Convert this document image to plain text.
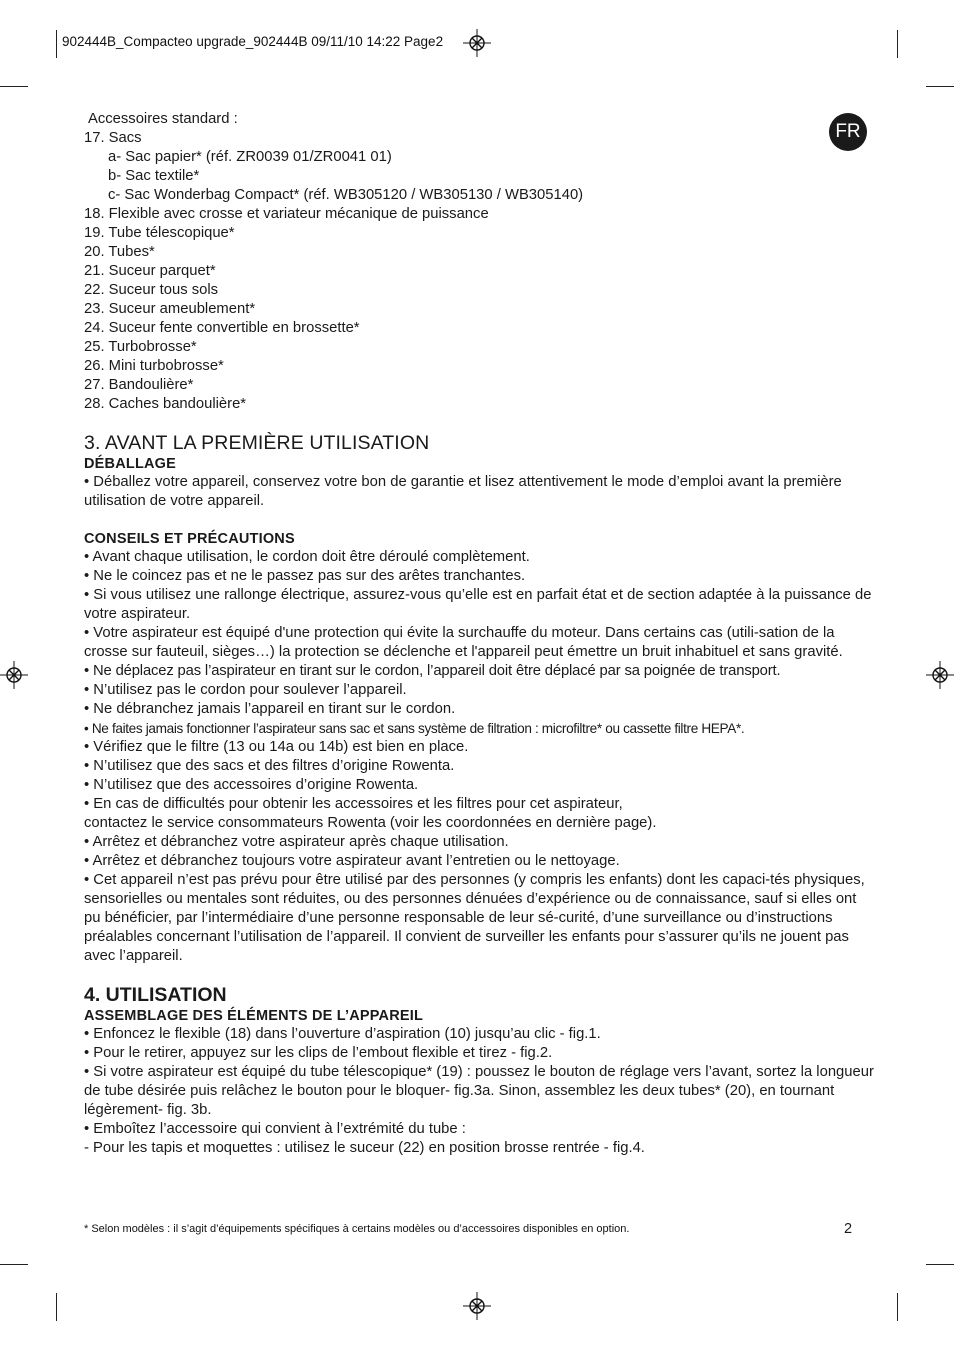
902444B_Compacteo upgrade_902444B 09/11/10 14:22 Page2
FR

Accessoires standard :

17. Sacs

a- Sac papier* (réf. ZR0039 01/ZR0041 01)

b- Sac textile*

c- Sac Wonderbag Compact* (réf. WB305120 / WB305130 / WB305140)

18. Flexible avec crosse et variateur mécanique de puissance

19. Tube télescopique*

20. Tubes*

21. Suceur parquet*

22. Suceur tous sols

23. Suceur ameublement*

24. Suceur fente convertible en brossette*

25. Turbobrosse*

26. Mini turbobrosse*

27. Bandoulière*

28. Caches bandoulière*

3. AVANT LA PREMIÈRE UTILISATION

DÉBALLAGE

• Déballez votre appareil, conservez votre bon de garantie et lisez attentivement le mode d’emploi avant la première utilisation de votre appareil.

CONSEILS ET PRÉCAUTIONS

• Avant chaque utilisation, le cordon doit être déroulé complètement.

• Ne le coincez pas et ne le passez pas sur des arêtes tranchantes.

• Si vous utilisez une rallonge électrique, assurez-vous qu’elle est en parfait état et de section adaptée à la puissance de votre aspirateur.

• Votre aspirateur est équipé d'une protection qui évite la surchauffe du moteur. Dans certains cas (utili-sation de la crosse sur fauteuil, sièges…) la protection se déclenche et l'appareil peut émettre un bruit inhabituel et sans gravité.

• Ne déplacez pas l’aspirateur en tirant sur le cordon, l’appareil doit être déplacé par sa poignée de transport.

• N’utilisez pas le cordon pour soulever l’appareil.

• Ne débranchez jamais l’appareil en tirant sur le cordon.

• Ne faites jamais fonctionner l’aspirateur sans sac et sans système de filtration : microfiltre* ou cassette filtre HEPA*.

• Vérifiez que le filtre (13 ou 14a ou 14b) est bien en place.

• N’utilisez que des sacs et des filtres d’origine Rowenta.

• N’utilisez que des accessoires d’origine Rowenta.

• En cas de difficultés pour obtenir les accessoires et les filtres pour cet aspirateur,

contactez le service consommateurs Rowenta (voir les coordonnées en dernière page).

• Arrêtez et débranchez votre aspirateur après chaque utilisation.

• Arrêtez et débranchez toujours votre aspirateur avant l’entretien ou le nettoyage.

• Cet appareil n’est pas prévu pour être utilisé par des personnes (y compris les enfants) dont les capaci-tés physiques, sensorielles ou mentales sont réduites, ou des personnes dénuées d’expérience ou de connaissance, sauf si elles ont pu bénéficier, par l’intermédiaire d’une personne responsable de leur sé-curité, d’une surveillance ou d’instructions préalables concernant l’utilisation de l’appareil. Il convient de surveiller les enfants pour s’assurer qu’ils ne jouent pas avec l’appareil.

4. UTILISATION

ASSEMBLAGE DES ÉLÉMENTS DE L’APPAREIL

• Enfoncez le flexible (18) dans l’ouverture d’aspiration (10) jusqu’au clic - fig.1.

• Pour le retirer, appuyez sur les clips de l’embout flexible et tirez - fig.2.

• Si votre aspirateur est équipé du tube télescopique* (19) : poussez le bouton de réglage vers l’avant, sortez la longueur de tube désirée puis relâchez le bouton pour le bloquer- fig.3a. Sinon, assemblez les deux tubes* (20), en tournant légèrement- fig. 3b.

• Emboîtez l’accessoire qui convient à l’extrémité du tube :

- Pour les tapis et moquettes : utilisez le suceur (22) en position brosse rentrée - fig.4.

* Selon modèles : il s’agit d’équipements spécifiques à certains modèles ou d’accessoires disponibles en option.	2
